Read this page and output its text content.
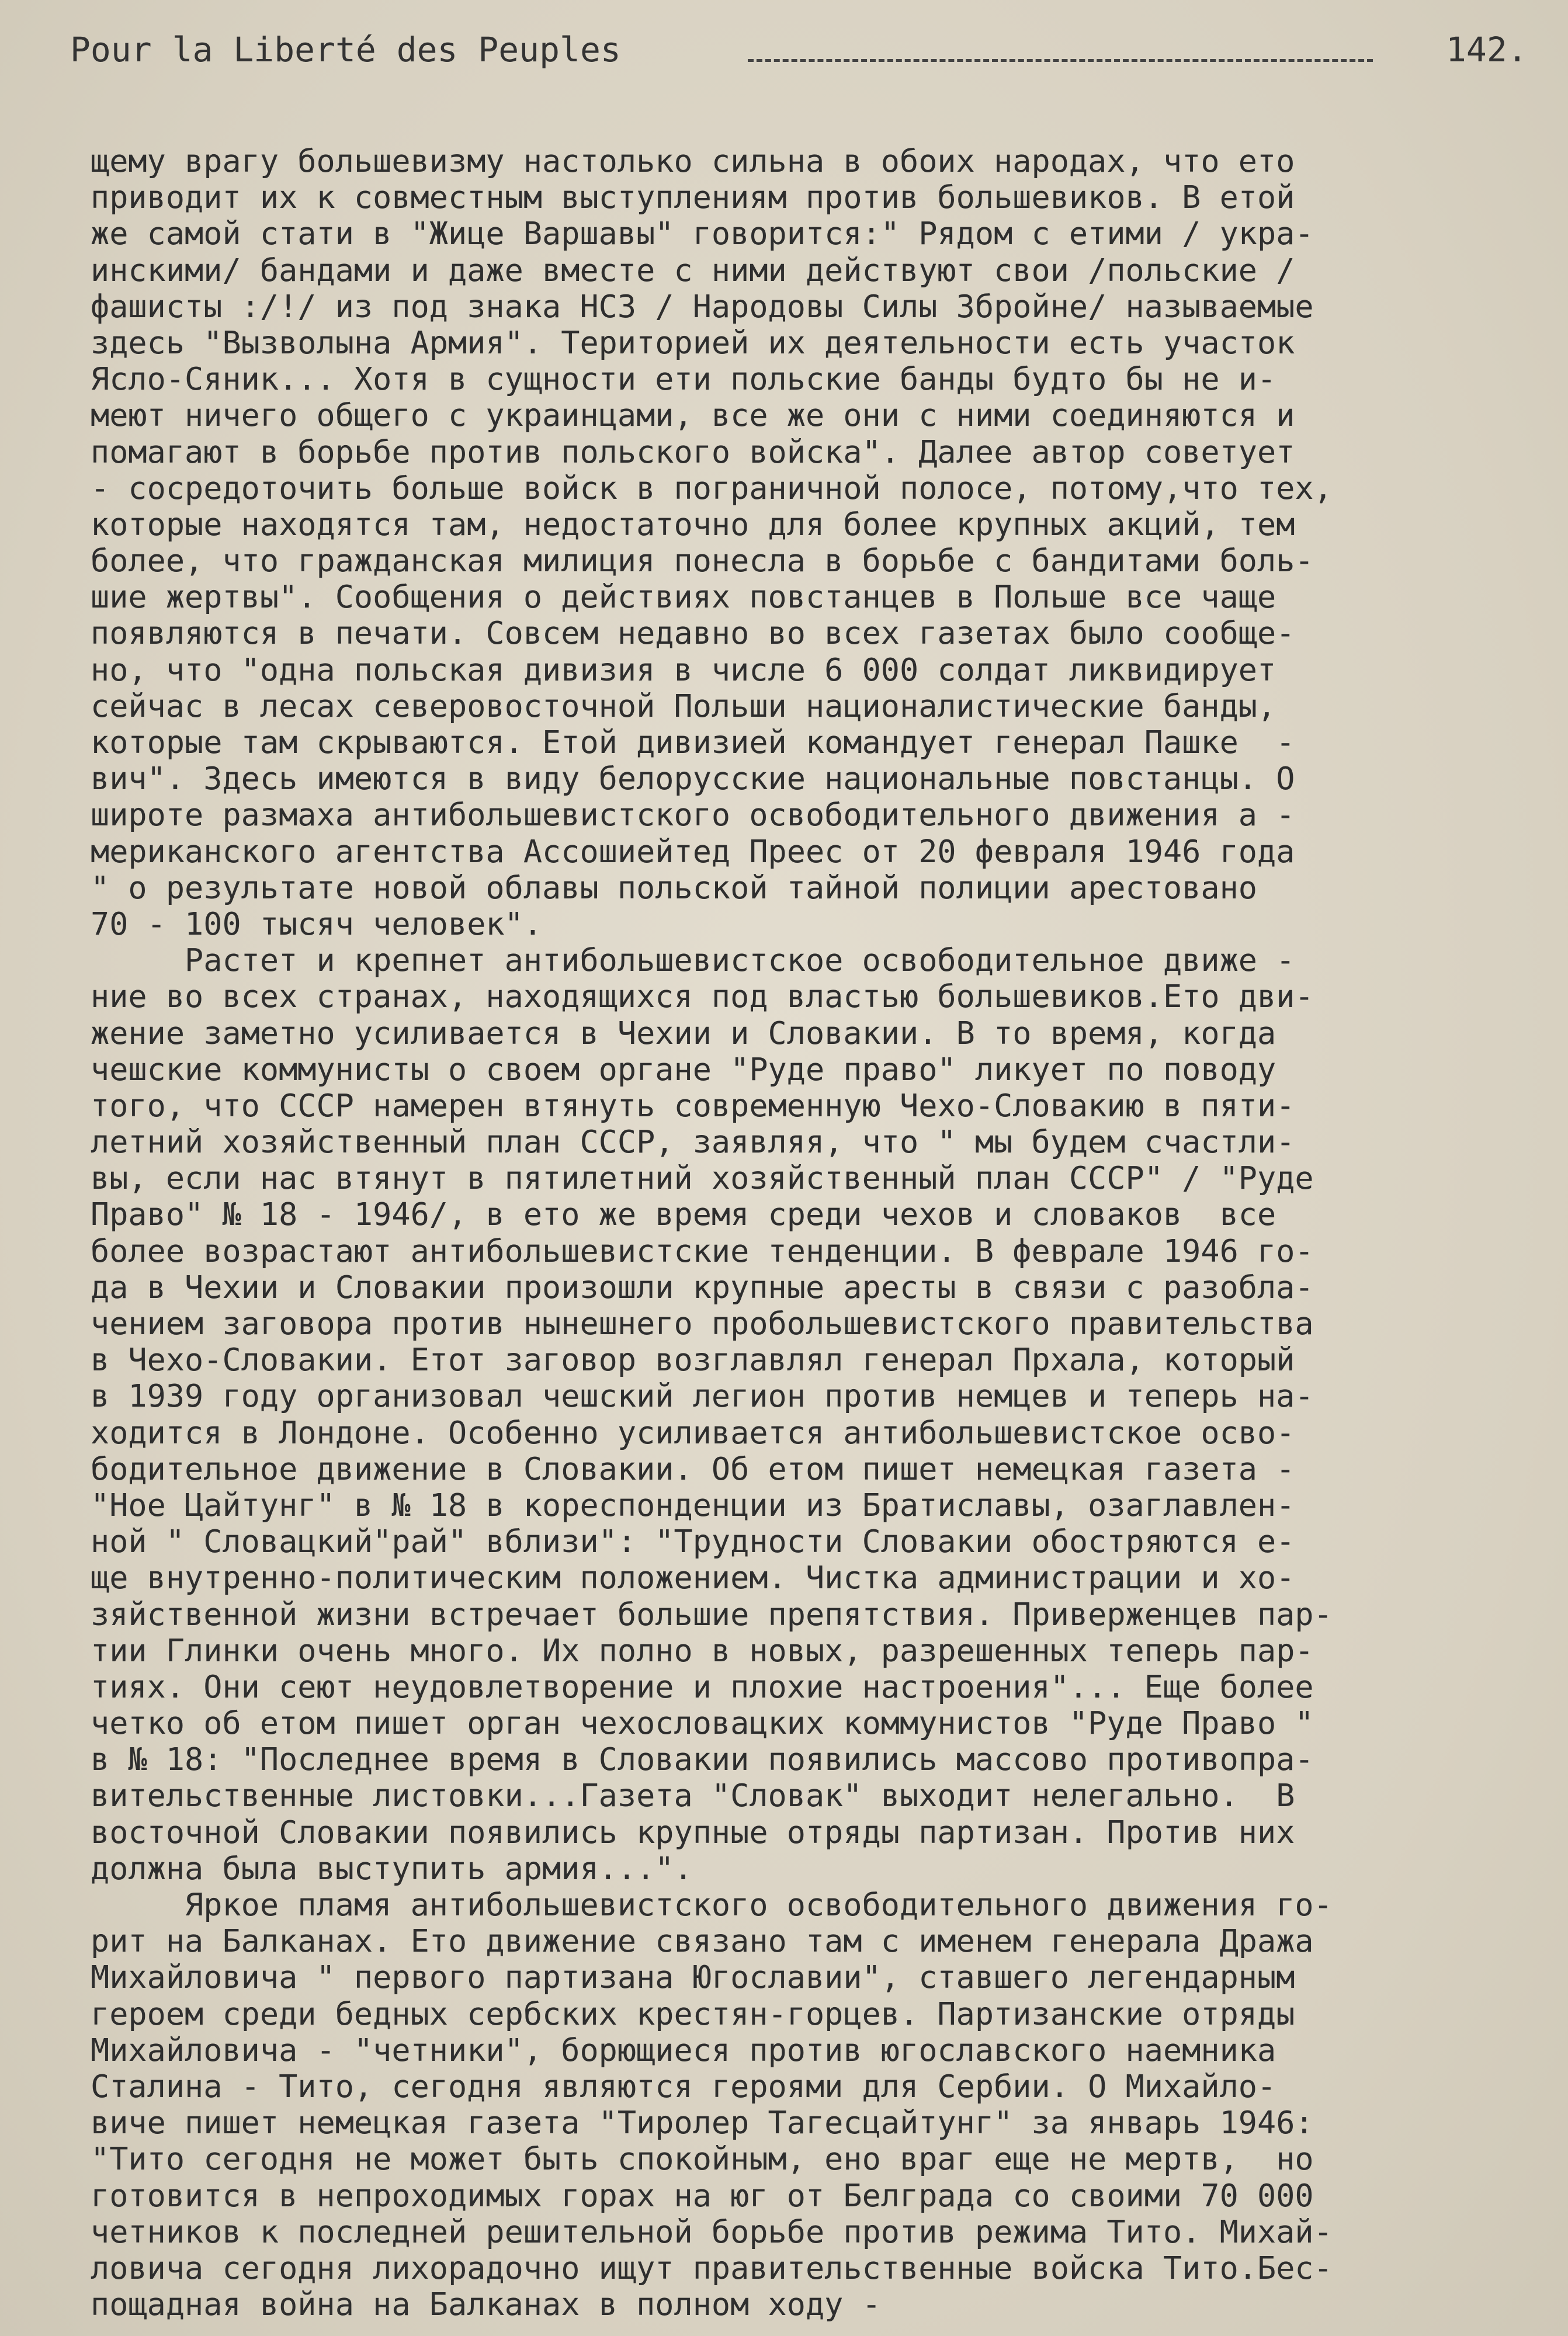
Pour la Liberté des Peuples	142.
щему врагу большевизму настолько сильна в обоих народах, что ето
приводит их к совместным выступлениям против большевиков. В етой
же самой стати в "Жице Варшавы" говорится:" Рядом с етими / укра-
инскими/ бандами и даже вместе с ними действуют свои /польские /
фашисты :/!/ из под знака НСЗ / Народовы Силы Збройне/ называемые
здесь "Вызволына Армия". Територией их деятельности есть участок
Ясло-Сяник... Хотя в сущности ети польские банды будто бы не и-
меют ничего общего с украинцами, все же они с ними соединяются и
помагают в борьбе против польского войска". Далее автор советует
- сосредоточить больше войск в пограничной полосе, потому,что тех,
которые находятся там, недостаточно для более крупных акций, тем
более, что гражданская милиция понесла в борьбе с бандитами боль-
шие жертвы". Сообщения о действиях повстанцев в Польше все чаще
появляются в печати. Совсем недавно во всех газетах было сообще-
но, что "одна польская дивизия в числе 6 000 солдат ликвидирует
сейчас в лесах северовосточной Польши националистические банды,
которые там скрываются. Етой дивизией командует генерал Пашке  -
вич". Здесь имеются в виду белорусские национальные повстанцы. О
широте размаха антибольшевистского освободительного движения а -
мериканского агентства Ассошиейтед Преес от 20 февраля 1946 года
" о результате новой облавы польской тайной полиции арестовано
70 - 100 тысяч человек".
Растет и крепнет антибольшевистское освободительное движе -
ние во всех странах, находящихся под властью большевиков.Ето дви-
жение заметно усиливается в Чехии и Словакии. В то время, когда
чешские коммунисты о своем органе "Руде право" ликует по поводу
того, что СССР намерен втянуть современную Чехо-Словакию в пяти-
летний хозяйственный план СССР, заявляя, что " мы будем счастли-
вы, если нас втянут в пятилетний хозяйственный план СССР" / "Руде
Право" № 18 - 1946/, в ето же время среди чехов и словаков  все
более возрастают антибольшевистские тенденции. В феврале 1946 го-
да в Чехии и Словакии произошли крупные аресты в связи с разобла-
чением заговора против нынешнего пробольшевистского правительства
в Чехо-Словакии. Етот заговор возглавлял генерал Прхала, который
в 1939 году организовал чешский легион против немцев и теперь на-
ходится в Лондоне. Особенно усиливается антибольшевистское осво-
бодительное движение в Словакии. Об етом пишет немецкая газета -
"Ное Цайтунг" в № 18 в кореспонденции из Братиславы, озаглавлен-
ной " Словацкий"рай" вблизи": "Трудности Словакии обостряются е-
ще внутренно-политическим положением. Чистка администрации и хо-
зяйственной жизни встречает большие препятствия. Приверженцев пар-
тии Глинки очень много. Их полно в новых, разрешенных теперь пар-
тиях. Они сеют неудовлетворение и плохие настроения"... Еще более
четко об етом пишет орган чехословацких коммунистов "Руде Право "
в № 18: "Последнее время в Словакии появились массово противопра-
вительственные листовки...Газета "Словак" выходит нелегально.  В
восточной Словакии появились крупные отряды партизан. Против них
должна была выступить армия...".
Яркое пламя антибольшевистского освободительного движения го-
рит на Балканах. Ето движение связано там с именем генерала Дража
Михайловича " первого партизана Югославии", ставшего легендарным
героем среди бедных сербских крестян-горцев. Партизанские отряды
Михайловича - "четники", борющиеся против югославского наемника
Сталина - Тито, сегодня являются героями для Сербии. О Михайло-
виче пишет немецкая газета "Тиролер Тагесцайтунг" за январь 1946:
"Тито сегодня не может быть спокойным, ено враг еще не мертв,  но
готовится в непроходимых горах на юг от Белграда со своими 70 000
четников к последней решительной борьбе против режима Тито. Михай-
ловича сегодня лихорадочно ищут правительственные войска Тито.Бес-
пощадная война на Балканах в полном ходу -
